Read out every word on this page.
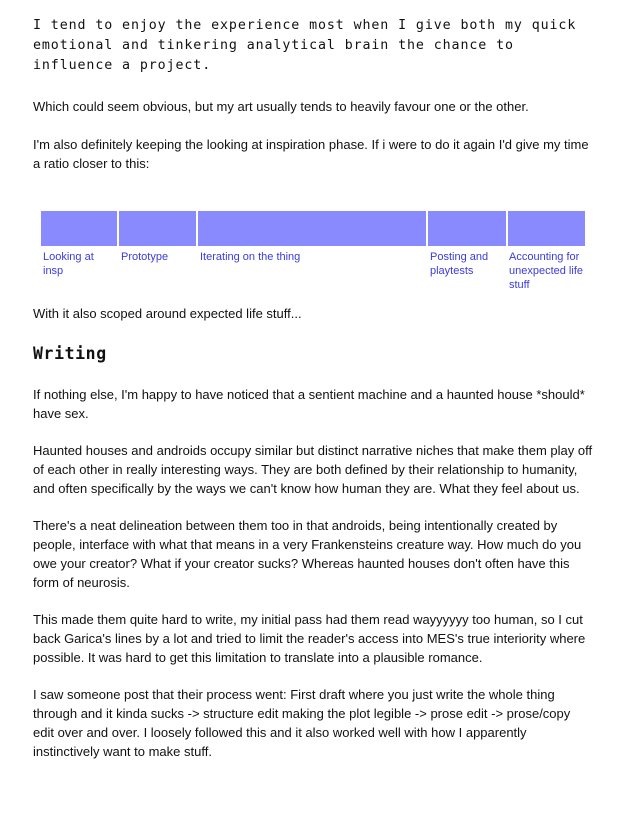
I tend to enjoy the experience most when I give both my quick emotional and tinkering analytical brain the chance to influence a project.

Which could seem obvious, but my art usually tends to heavily favour one or the other.

I'm also definitely keeping the looking at inspiration phase. If i were to do it again I'd give my time a ratio closer to this:

Looking at insp
Prototype	Iterating on the thing	Posting and playtests
Accounting for unexpected life stuff

With it also scoped around expected life stuff...

Writing

If nothing else, I'm happy to have noticed that a sentient machine and a haunted house *should* have sex.

Haunted houses and androids occupy similar but distinct narrative niches that make them play off of each other in really interesting ways. They are both defined by their relationship to humanity, and often specifically by the ways we can't know how human they are. What they feel about us.

There's a neat delineation between them too in that androids, being intentionally created by people, interface with what that means in a very Frankensteins creature way. How much do you owe your creator? What if your creator sucks? Whereas haunted houses don't often have this form of neurosis.

This made them quite hard to write, my initial pass had them read wayyyyyy too human, so I cut back Garica's lines by a lot and tried to limit the reader's access into MES's true interiority where possible. It was hard to get this limitation to translate into a plausible romance.

I saw someone post that their process went: First draft where you just write the whole thing through and it kinda sucks -> structure edit making the plot legible -> prose edit -> prose/copy edit over and over. I loosely followed this and it also worked well with how I apparently instinctively want to make stuff.
